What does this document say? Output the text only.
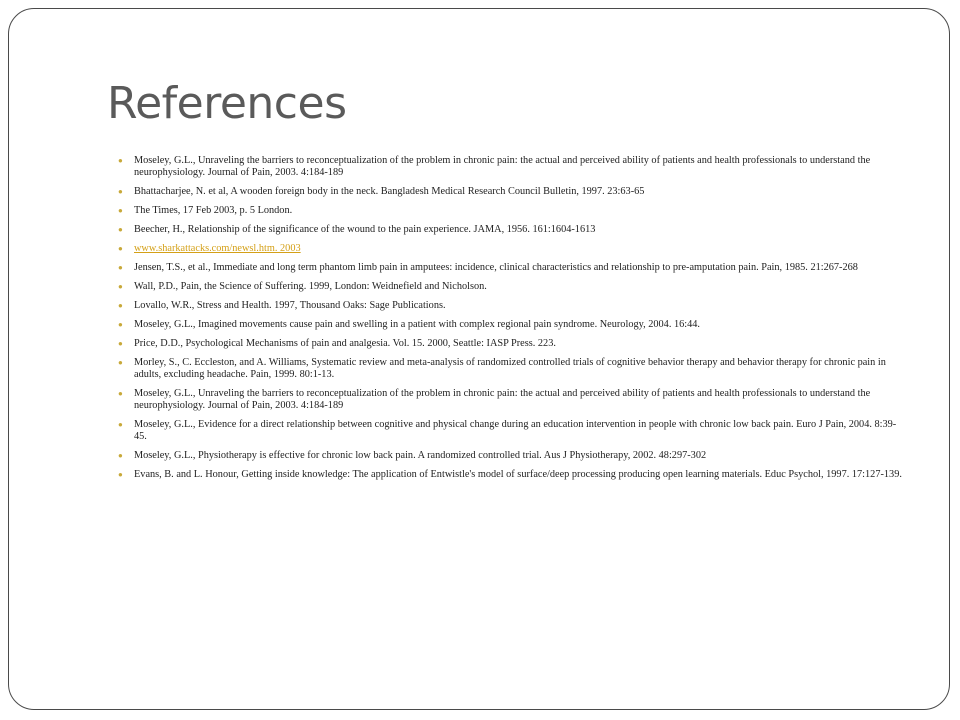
References
● Moseley, G.L., Unraveling the barriers to reconceptualization of the problem in chronic pain: the actual and perceived ability of patients and health professionals to understand the neurophysiology. Journal of Pain, 2003. 4:184-189
● Bhattacharjee, N. et al, A wooden foreign body in the neck. Bangladesh Medical Research Council Bulletin, 1997. 23:63-65
● The Times, 17 Feb 2003, p. 5 London.
● Beecher, H., Relationship of the significance of the wound to the pain experience. JAMA, 1956. 161:1604-1613
● www.sharkattacks.com/newsl.htm. 2003
● Jensen, T.S., et al., Immediate and long term phantom limb pain in amputees: incidence, clinical characteristics and relationship to pre-amputation pain. Pain, 1985. 21:267-268
● Wall, P.D., Pain, the Science of Suffering. 1999, London: Weidnefield and Nicholson.
● Lovallo, W.R., Stress and Health. 1997, Thousand Oaks: Sage Publications.
● Moseley, G.L., Imagined movements cause pain and swelling in a patient with complex regional pain syndrome. Neurology, 2004. 16:44.
● Price, D.D., Psychological Mechanisms of pain and analgesia. Vol. 15. 2000, Seattle: IASP Press. 223.
● Morley, S., C. Eccleston, and A. Williams, Systematic review and meta-analysis of randomized controlled trials of cognitive behavior therapy and behavior therapy for chronic pain in adults, excluding headache. Pain, 1999. 80:1-13.
● Moseley, G.L., Unraveling the barriers to reconceptualization of the problem in chronic pain: the actual and perceived ability of patients and health professionals to understand the neurophysiology. Journal of Pain, 2003. 4:184-189
● Moseley, G.L., Evidence for a direct relationship between cognitive and physical change during an education intervention in people with chronic low back pain. Euro J Pain, 2004. 8:39-45.
● Moseley, G.L., Physiotherapy is effective for chronic low back pain. A randomized controlled trial. Aus J Physiotherapy, 2002. 48:297-302
● Evans, B. and L. Honour, Getting inside knowledge: The application of Entwistle's model of surface/deep processing producing open learning materials. Educ Psychol, 1997. 17:127-139.
